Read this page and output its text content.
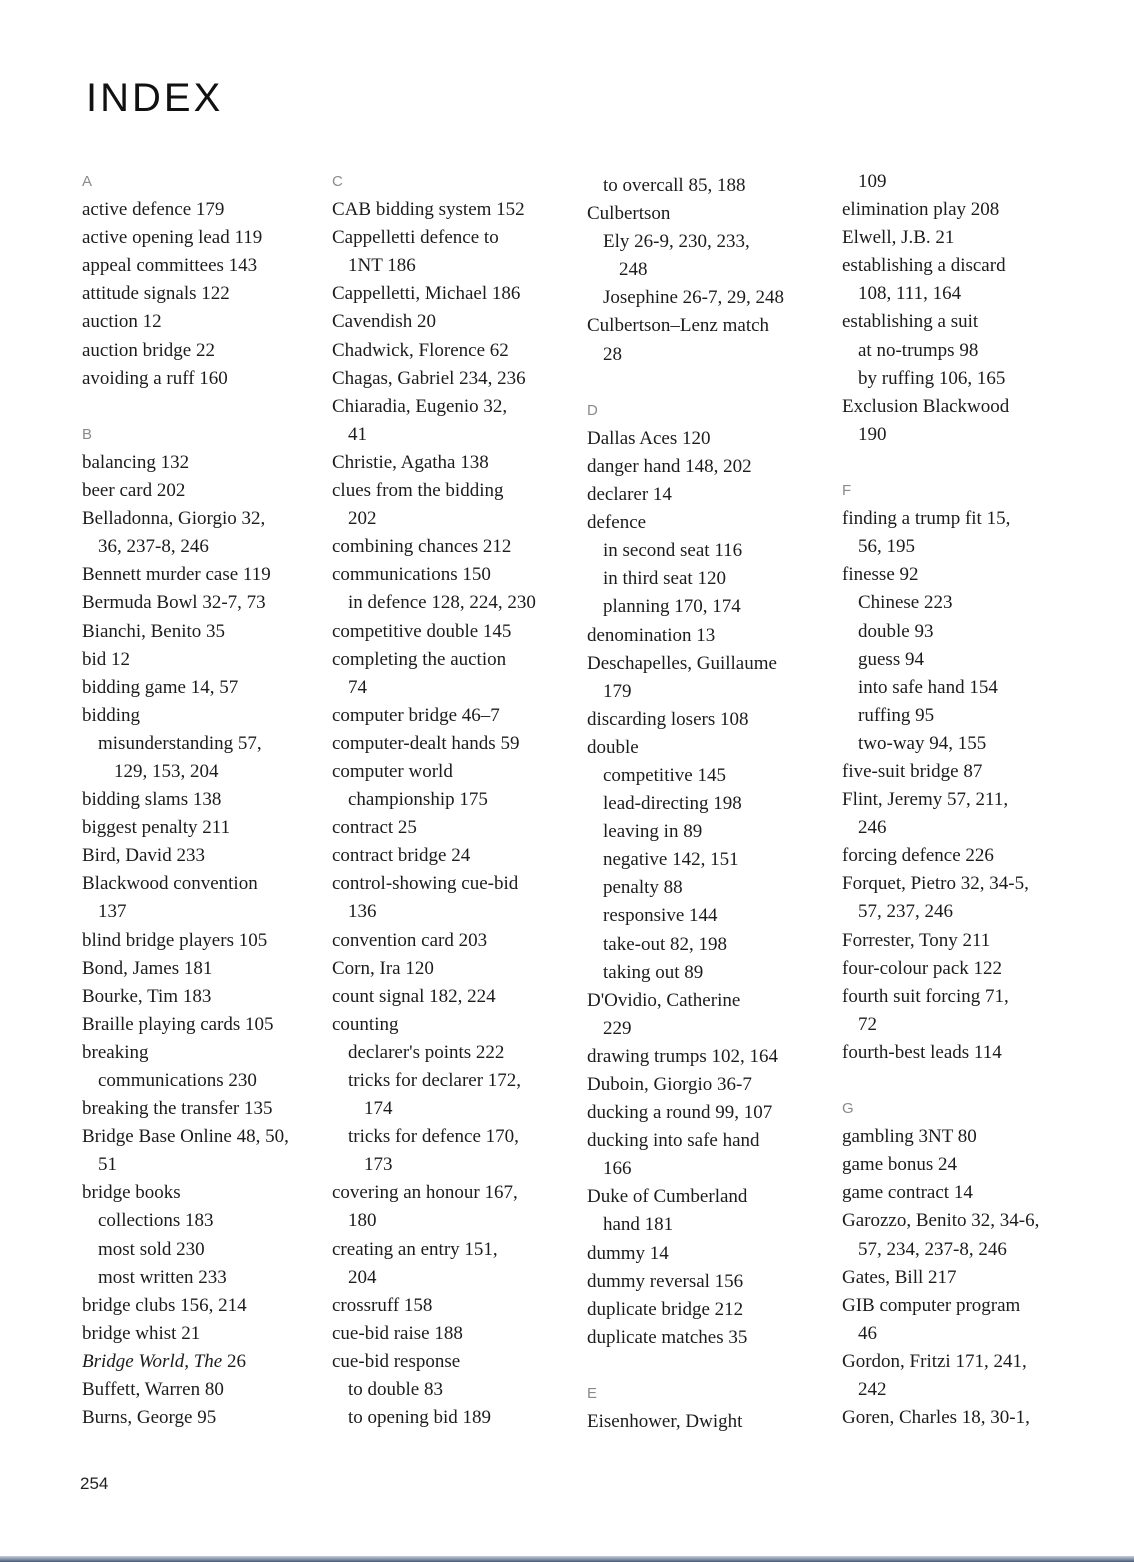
INDEX
A
active defence 179
active opening lead 119
appeal committees 143
attitude signals 122
auction 12
auction bridge 22
avoiding a ruff 160
B
balancing 132
beer card 202
Belladonna, Giorgio 32,
36, 237-8, 246
Bennett murder case 119
Bermuda Bowl 32-7, 73
Bianchi, Benito 35
bid 12
bidding game 14, 57
bidding
misunderstanding 57,
129, 153, 204
bidding slams 138
biggest penalty 211
Bird, David 233
Blackwood convention
137
blind bridge players 105
Bond, James 181
Bourke, Tim 183
Braille playing cards 105
breaking
communications 230
breaking the transfer 135
Bridge Base Online 48, 50,
51
bridge books
collections 183
most sold 230
most written 233
bridge clubs 156, 214
bridge whist 21
Bridge World, The 26
Buffett, Warren 80
Burns, George 95
C
CAB bidding system 152
Cappelletti defence to
1NT 186
Cappelletti, Michael 186
Cavendish 20
Chadwick, Florence 62
Chagas, Gabriel 234, 236
Chiaradia, Eugenio 32,
41
Christie, Agatha 138
clues from the bidding
202
combining chances 212
communications 150
in defence 128, 224, 230
competitive double 145
completing the auction
74
computer bridge 46–7
computer-dealt hands 59
computer world
championship 175
contract 25
contract bridge 24
control-showing cue-bid
136
convention card 203
Corn, Ira 120
count signal 182, 224
counting
declarer's points 222
tricks for declarer 172,
174
tricks for defence 170,
173
covering an honour 167,
180
creating an entry 151,
204
crossruff 158
cue-bid raise 188
cue-bid response
to double 83
to opening bid 189
to overcall 85, 188
Culbertson
Ely 26-9, 230, 233,
248
Josephine 26-7, 29, 248
Culbertson–Lenz match
28
D
Dallas Aces 120
danger hand 148, 202
declarer 14
defence
in second seat 116
in third seat 120
planning 170, 174
denomination 13
Deschapelles, Guillaume
179
discarding losers 108
double
competitive 145
lead-directing 198
leaving in 89
negative 142, 151
penalty 88
responsive 144
take-out 82, 198
taking out 89
D'Ovidio, Catherine
229
drawing trumps 102, 164
Duboin, Giorgio 36-7
ducking a round 99, 107
ducking into safe hand
166
Duke of Cumberland
hand 181
dummy 14
dummy reversal 156
duplicate bridge 212
duplicate matches 35
E
Eisenhower, Dwight
109
elimination play 208
Elwell, J.B. 21
establishing a discard
108, 111, 164
establishing a suit
at no-trumps 98
by ruffing 106, 165
Exclusion Blackwood
190
F
finding a trump fit 15,
56, 195
finesse 92
Chinese 223
double 93
guess 94
into safe hand 154
ruffing 95
two-way 94, 155
five-suit bridge 87
Flint, Jeremy 57, 211,
246
forcing defence 226
Forquet, Pietro 32, 34-5,
57, 237, 246
Forrester, Tony 211
four-colour pack 122
fourth suit forcing 71,
72
fourth-best leads 114
G
gambling 3NT 80
game bonus 24
game contract 14
Garozzo, Benito 32, 34-6,
57, 234, 237-8, 246
Gates, Bill 217
GIB computer program
46
Gordon, Fritzi 171, 241,
242
Goren, Charles 18, 30-1,
254
